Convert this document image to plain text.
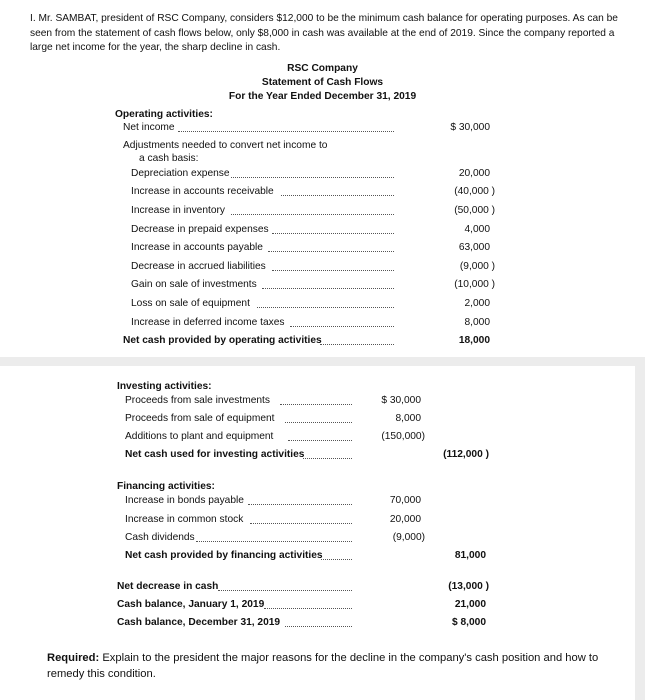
I. Mr. SAMBAT, president of RSC Company, considers $12,000 to be the minimum cash balance for operating purposes. As can be seen from the statement of cash flows below, only $8,000 in cash was available at the end of 2019. Since the company reported a large net income for the year, the sharp decline in cash.
RSC Company
Statement of Cash Flows
For the Year Ended December 31, 2019
Operating activities:
Net income	$ 30,000
Adjustments needed to convert net income to
a cash basis:
Depreciation expense	20,000
Increase in accounts receivable	(40,000 )
Increase in inventory	(50,000 )
Decrease in prepaid expenses	4,000
Increase in accounts payable	63,000
Decrease in accrued liabilities	(9,000 )
Gain on sale of investments	(10,000 )
Loss on sale of equipment	2,000
Increase in deferred income taxes	8,000
Net cash provided by operating activities	18,000
Investing activities:
Proceeds from sale investments	$ 30,000
Proceeds from sale of equipment	8,000
Additions to plant and equipment	(150,000)
Net cash used for investing activities	(112,000 )
Financing activities:
Increase in bonds payable	70,000
Increase in common stock	20,000
Cash dividends	(9,000)
Net cash provided by financing activities	81,000
Net decrease in cash	(13,000 )
Cash balance, January 1, 2019	21,000
Cash balance, December 31, 2019	$ 8,000
Required: Explain to the president the major reasons for the decline in the company's cash position and how to remedy this condition.
